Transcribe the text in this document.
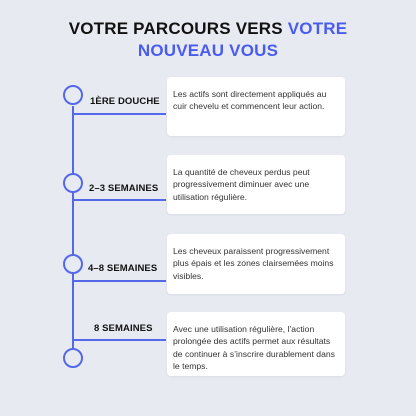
VOTRE PARCOURS VERS VOTRE
NOUVEAU VOUS
1ÈRE DOUCHE
Les actifs sont directement appliqués au cuir chevelu et commencent leur action.
2–3 SEMAINES
La quantité de cheveux perdus peut progressivement diminuer avec une utilisation régulière.
4–8 SEMAINES
Les cheveux paraissent progressivement plus épais et les zones clairsemées moins visibles.
8 SEMAINES	Avec une utilisation régulière, l’action prolongée des actifs permet aux résultats de continuer à s’inscrire durablement dans le temps.
